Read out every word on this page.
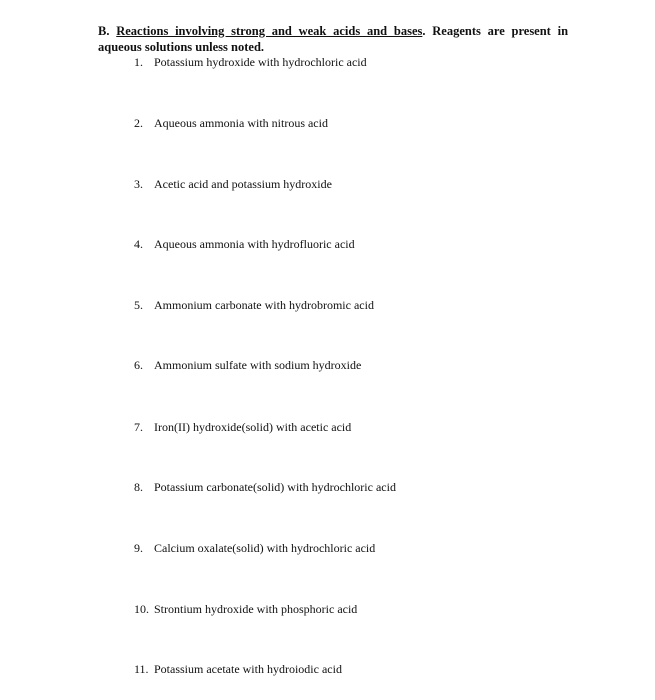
B. Reactions involving strong and weak acids and bases. Reagents are present in aqueous solutions unless noted.
1. Potassium hydroxide with hydrochloric acid
2. Aqueous ammonia with nitrous acid
3. Acetic acid and potassium hydroxide
4. Aqueous ammonia with hydrofluoric acid
5. Ammonium carbonate with hydrobromic acid
6. Ammonium sulfate with sodium hydroxide
7. Iron(II) hydroxide(solid) with acetic acid
8. Potassium carbonate(solid) with hydrochloric acid
9. Calcium oxalate(solid) with hydrochloric acid
10. Strontium hydroxide with phosphoric acid
11. Potassium acetate with hydroiodic acid
